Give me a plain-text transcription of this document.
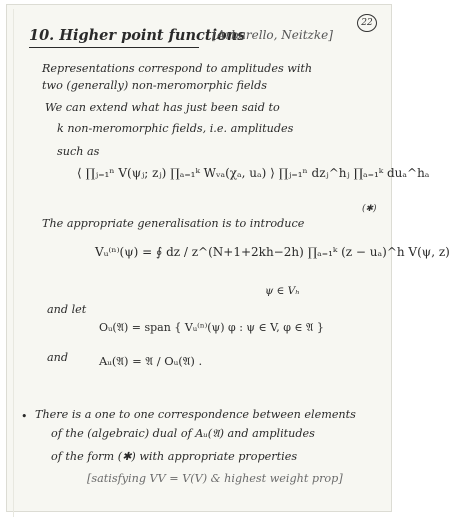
22
10. Higher point functions
[Arbarello, Neitzke]
Representations correspond to amplitudes with
two (generally) non-meromorphic fields
We can extend what has just been said to
k non-meromorphic fields, i.e. amplitudes
such as
⟨ ∏ⱼ₌₁ⁿ V(ψⱼ; zⱼ) ∏ₐ₌₁ᵏ Wᵥₐ(χₐ, uₐ) ⟩ ∏ⱼ₌₁ⁿ dzⱼ^hⱼ ∏ₐ₌₁ᵏ duₐ^hₐ
(✱)
The appropriate generalisation is to introduce
Vᵤ⁽ⁿ⁾(ψ) = ∮ dz / z^(N+1+2kh−2h) ∏ₐ₌₁ᵏ (z − uₐ)^h V(ψ, z)
ψ ∈ Vₕ
and let
Oᵤ(𝔄) = span { Vᵤ⁽ⁿ⁾(ψ) φ : ψ ∈ V, φ ∈ 𝔄 }
and	Aᵤ(𝔄) = 𝔄 / Oᵤ(𝔄) .
• There is a one to one correspondence between elements
of the (algebraic) dual of Aᵤ(𝔄) and amplitudes
of the form (✱) with appropriate properties
[satisfying VV = V(V) & highest weight prop]
